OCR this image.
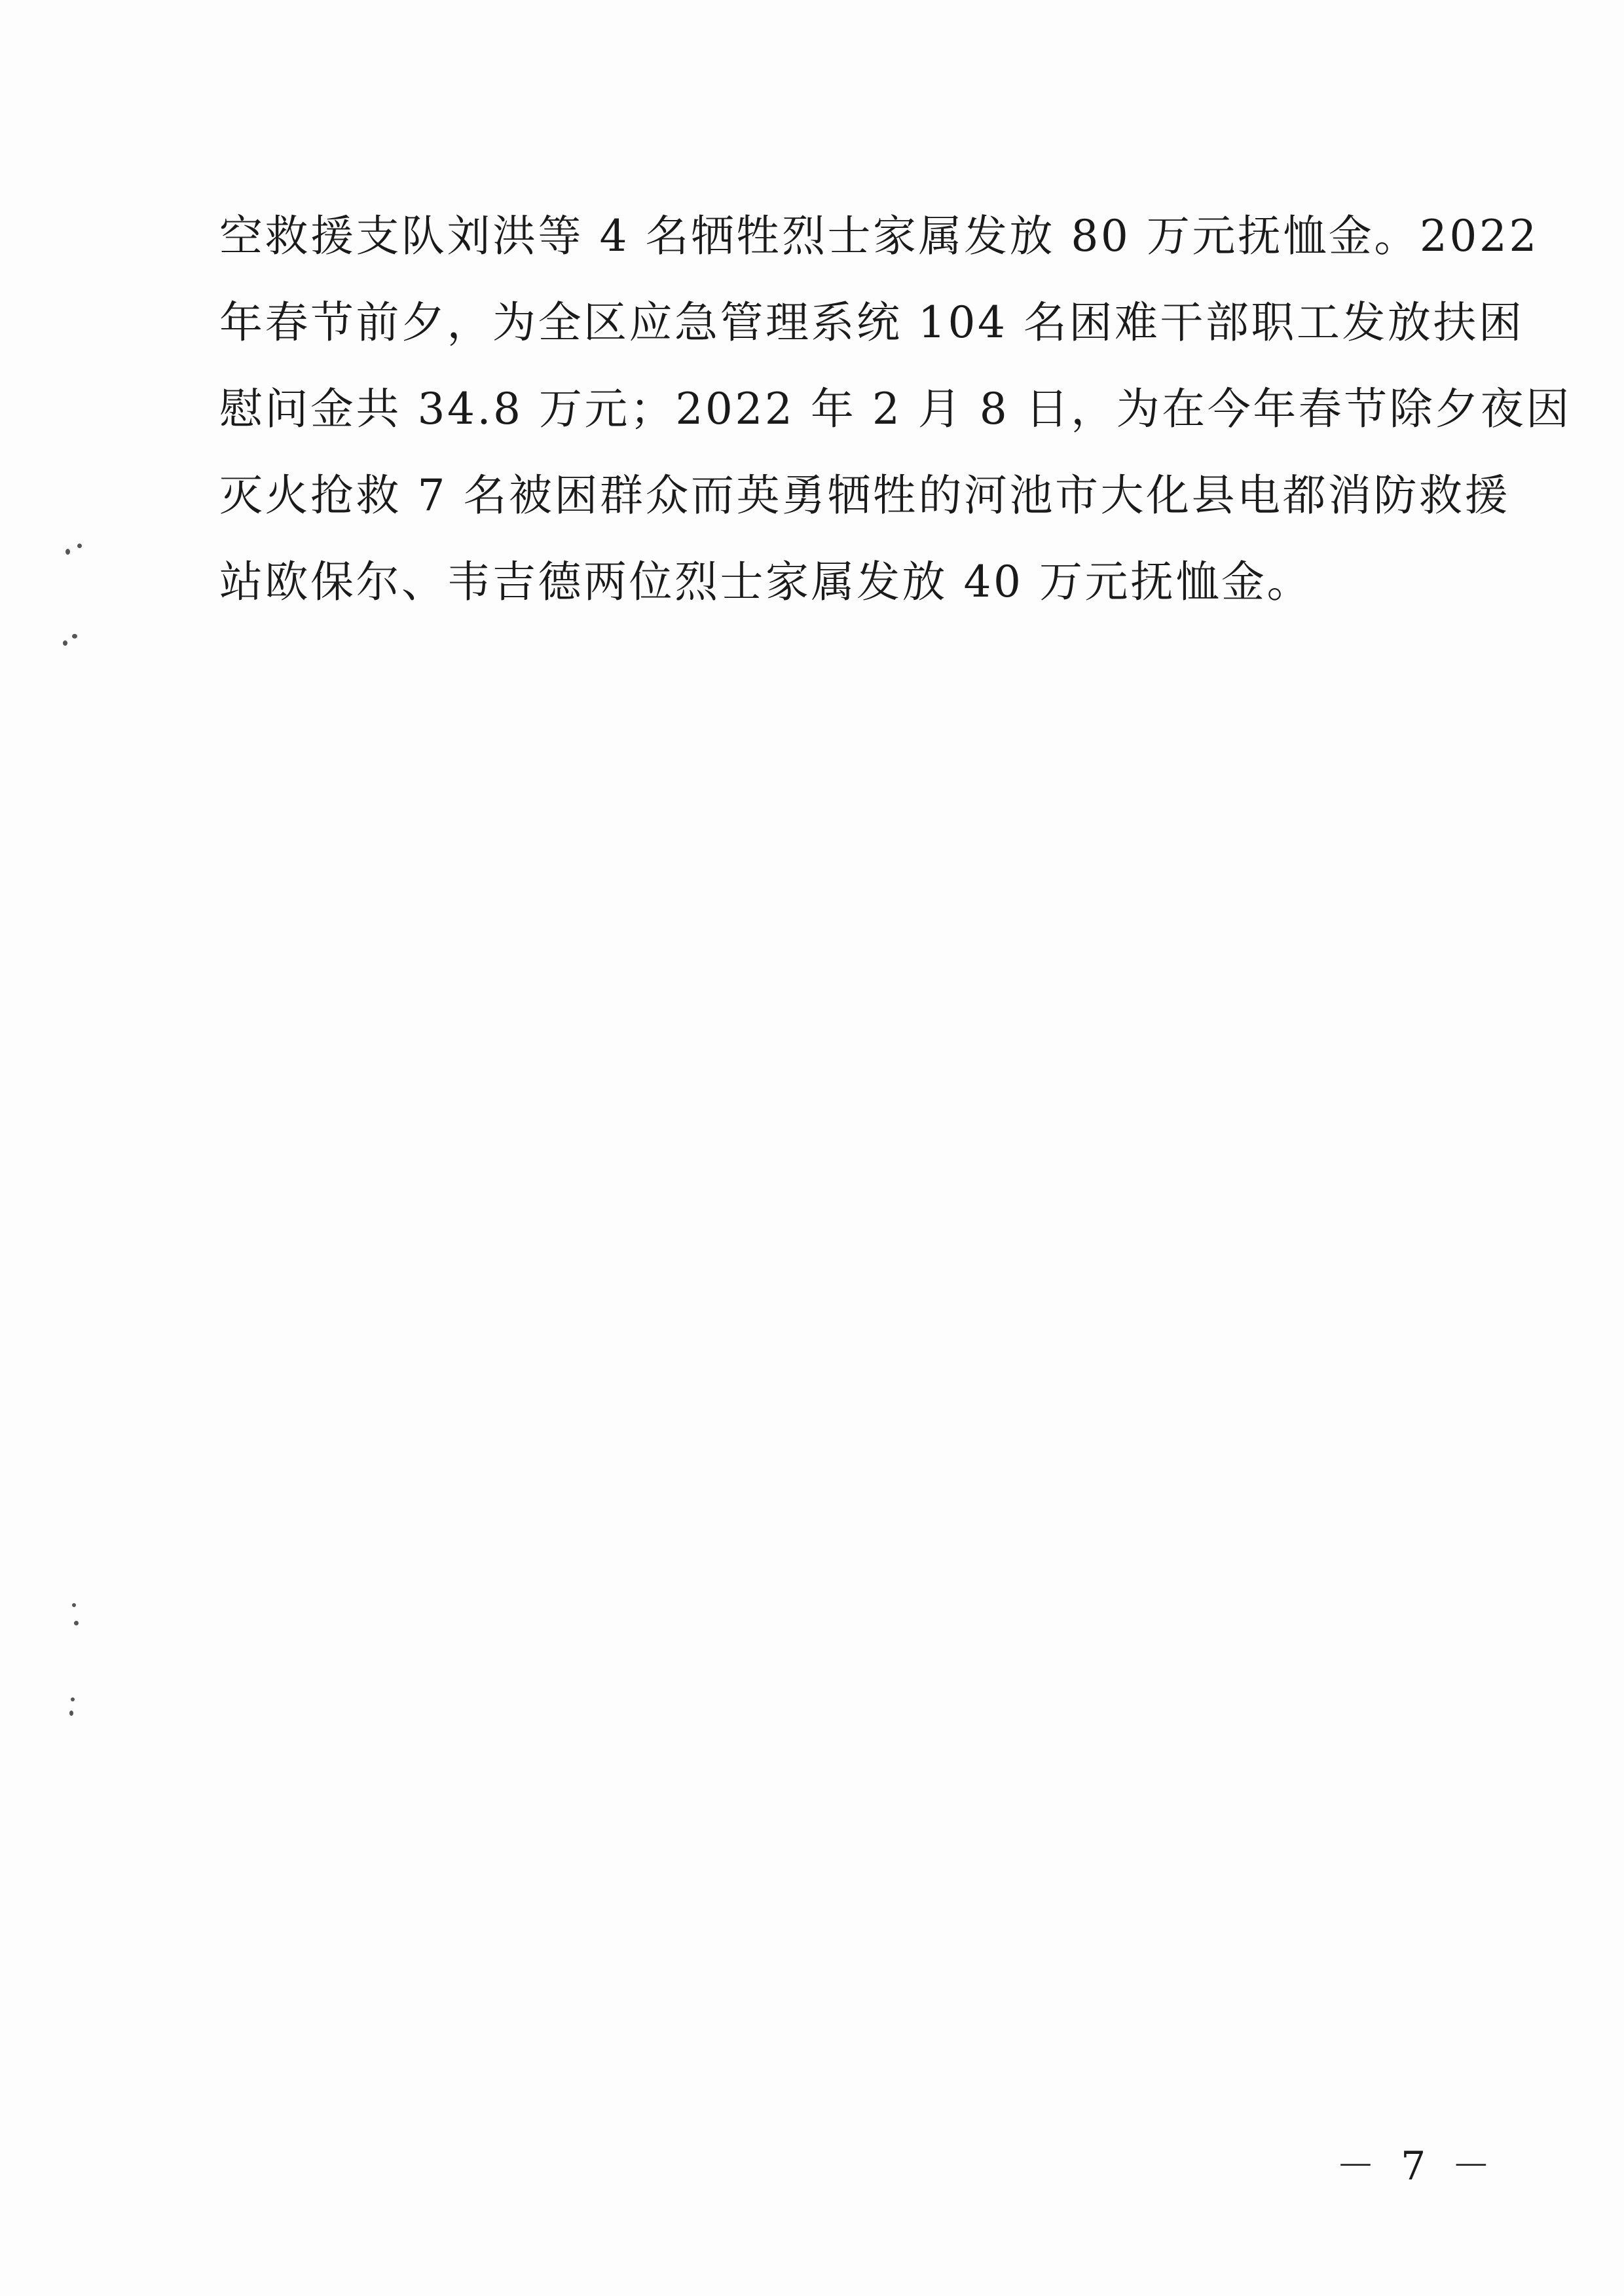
空救援支队刘洪等 4 名牺牲烈士家属发放 80 万元抚恤金。2022
年春节前夕，为全区应急管理系统 104 名困难干部职工发放扶困
慰问金共 34.8 万元；2022 年 2 月 8 日，为在今年春节除夕夜因
灭火抢救 7 名被困群众而英勇牺牲的河池市大化县电都消防救援
站欧保尔、韦吉德两位烈士家属发放 40 万元抚恤金。
－ 7 －
